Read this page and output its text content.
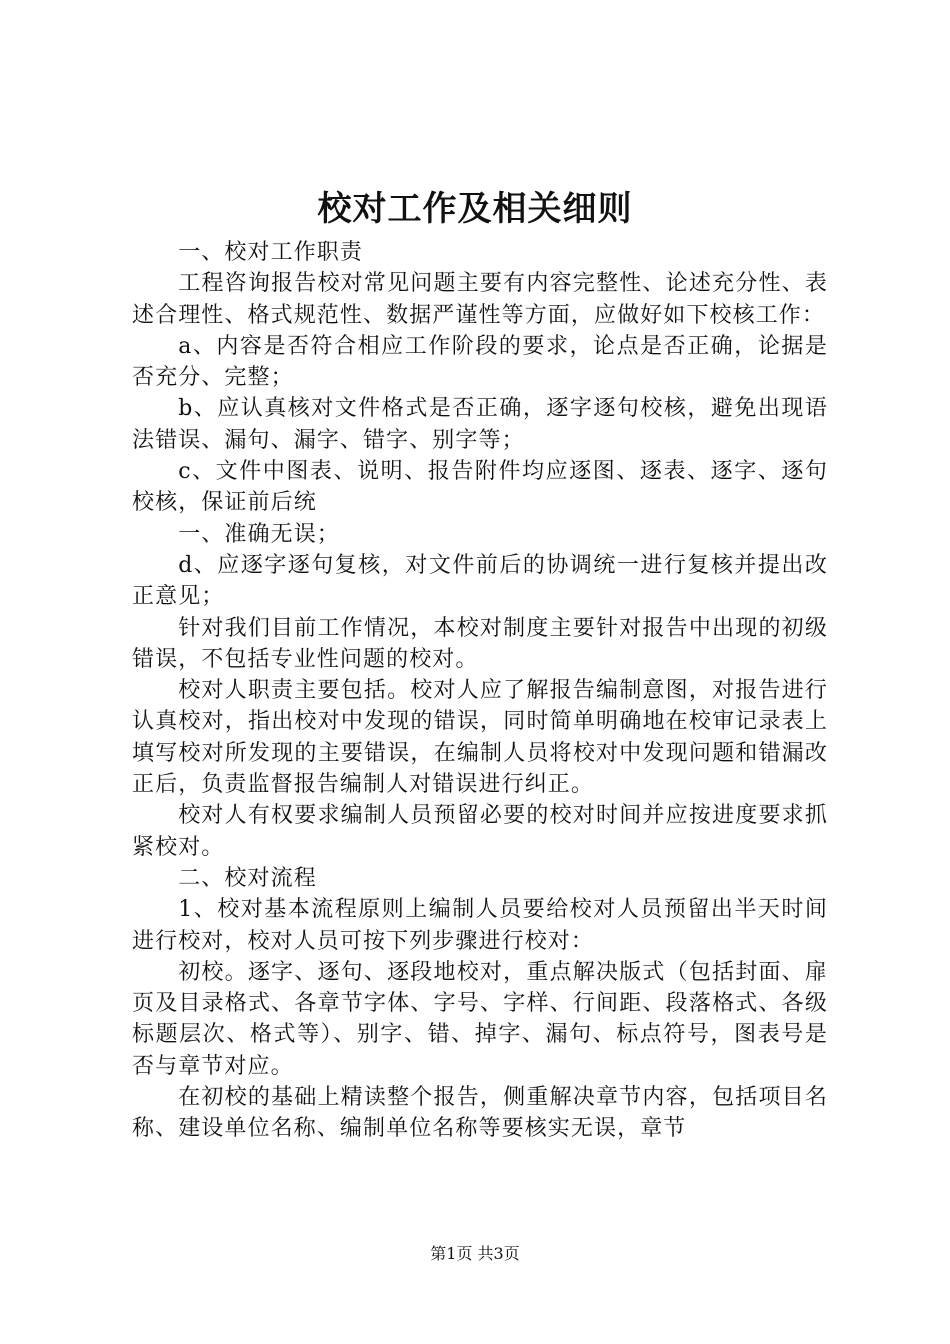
校对工作及相关细则

一、校对工作职责

工程咨询报告校对常见问题主要有内容完整性、论述充分性、表述合理性、格式规范性、数据严谨性等方面，应做好如下校核工作：

a、内容是否符合相应工作阶段的要求，论点是否正确，论据是否充分、完整；

b、应认真核对文件格式是否正确，逐字逐句校核，避免出现语法错误、漏句、漏字、错字、别字等；

c、文件中图表、说明、报告附件均应逐图、逐表、逐字、逐句校核，保证前后统

一、准确无误；

d、应逐字逐句复核，对文件前后的协调统一进行复核并提出改正意见；

针对我们目前工作情况，本校对制度主要针对报告中出现的初级错误，不包括专业性问题的校对。

校对人职责主要包括。校对人应了解报告编制意图，对报告进行认真校对，指出校对中发现的错误，同时简单明确地在校审记录表上填写校对所发现的主要错误，在编制人员将校对中发现问题和错漏改正后，负责监督报告编制人对错误进行纠正。

校对人有权要求编制人员预留必要的校对时间并应按进度要求抓紧校对。

二、校对流程

1、校对基本流程原则上编制人员要给校对人员预留出半天时间进行校对，校对人员可按下列步骤进行校对：

初校。逐字、逐句、逐段地校对，重点解决版式（包括封面、扉页及目录格式、各章节字体、字号、字样、行间距、段落格式、各级标题层次、格式等）、别字、错、掉字、漏句、标点符号，图表号是否与章节对应。

在初校的基础上精读整个报告，侧重解决章节内容，包括项目名称、建设单位名称、编制单位名称等要核实无误，章节

第1页 共3页
